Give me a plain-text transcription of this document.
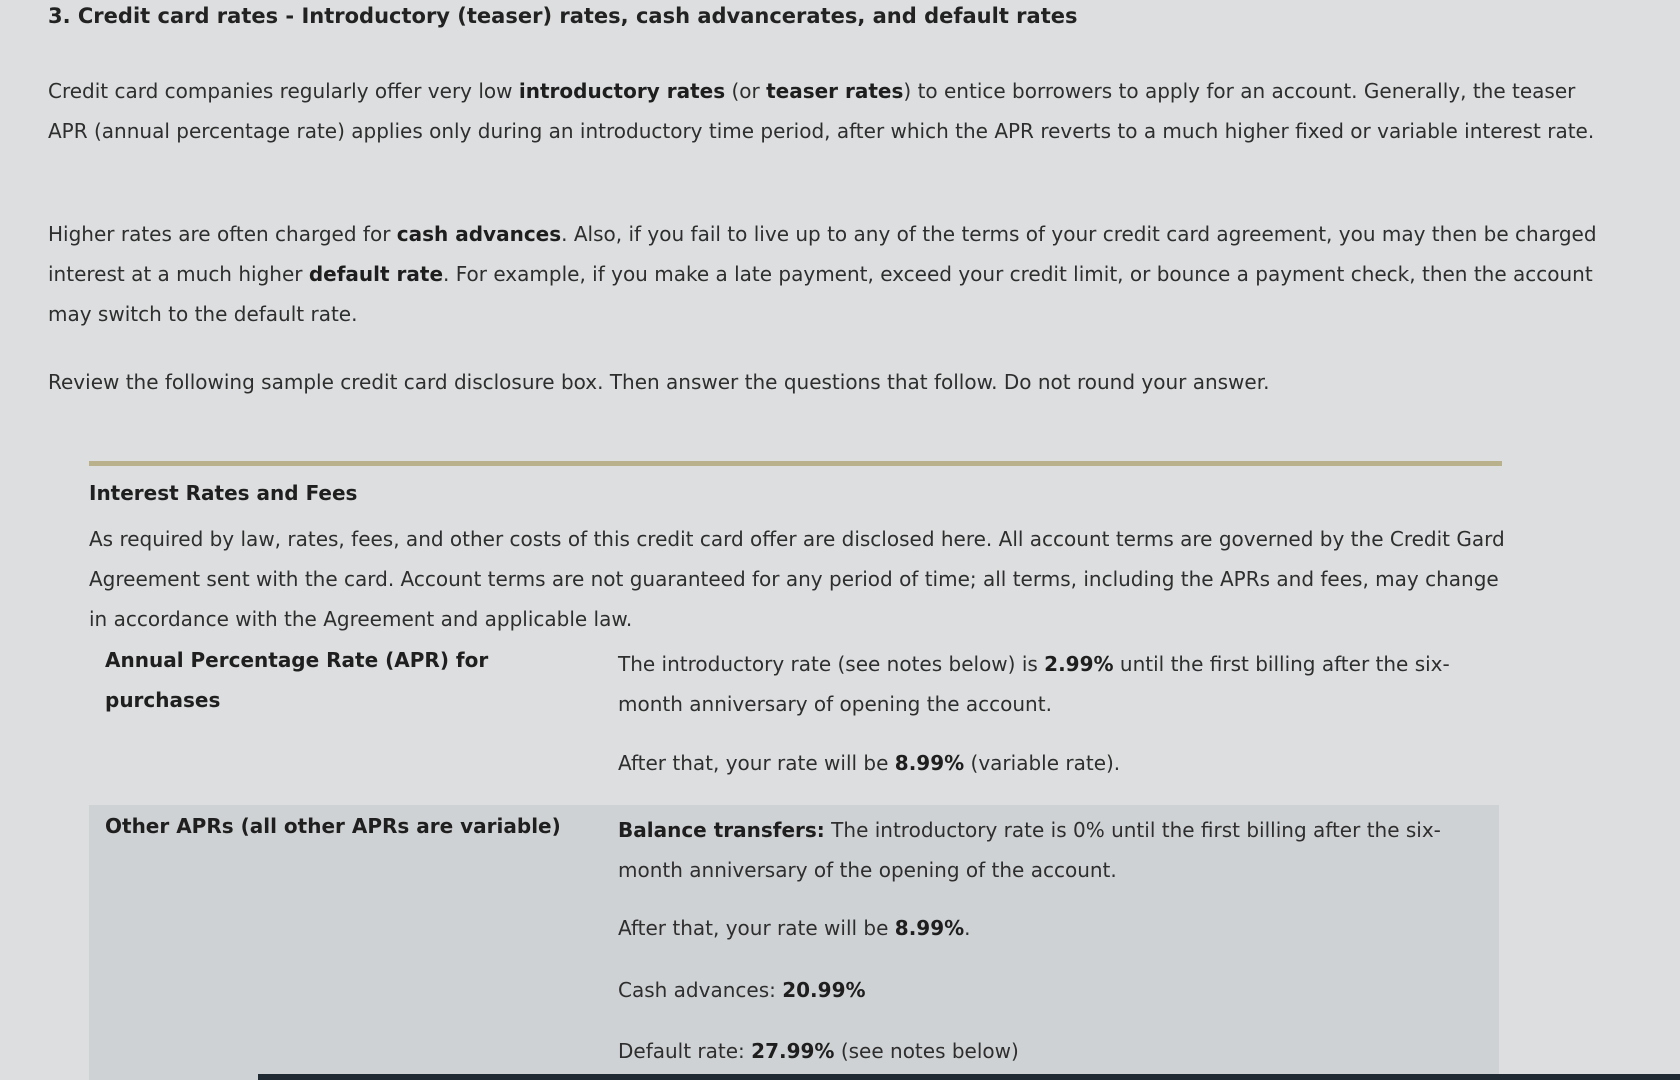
3. Credit card rates - Introductory (teaser) rates, cash advancerates, and default rates
Credit card companies regularly offer very low introductory rates (or teaser rates) to entice borrowers to apply for an account. Generally, the teaser APR (annual percentage rate) applies only during an introductory time period, after which the APR reverts to a much higher fixed or variable interest rate.
Higher rates are often charged for cash advances. Also, if you fail to live up to any of the terms of your credit card agreement, you may then be charged interest at a much higher default rate. For example, if you make a late payment, exceed your credit limit, or bounce a payment check, then the account may switch to the default rate.
Review the following sample credit card disclosure box. Then answer the questions that follow. Do not round your answer.
Interest Rates and Fees
As required by law, rates, fees, and other costs of this credit card offer are disclosed here. All account terms are governed by the Credit Gard Agreement sent with the card. Account terms are not guaranteed for any period of time; all terms, including the APRs and fees, may change in accordance with the Agreement and applicable law.
Annual Percentage Rate (APR) for purchases
The introductory rate (see notes below) is 2.99% until the first billing after the six-month anniversary of opening the account.
After that, your rate will be 8.99% (variable rate).
Other APRs (all other APRs are variable)	Balance transfers: The introductory rate is 0% until the first billing after the six-month anniversary of the opening of the account.
After that, your rate will be 8.99%.
Cash advances: 20.99%
Default rate: 27.99% (see notes below)
